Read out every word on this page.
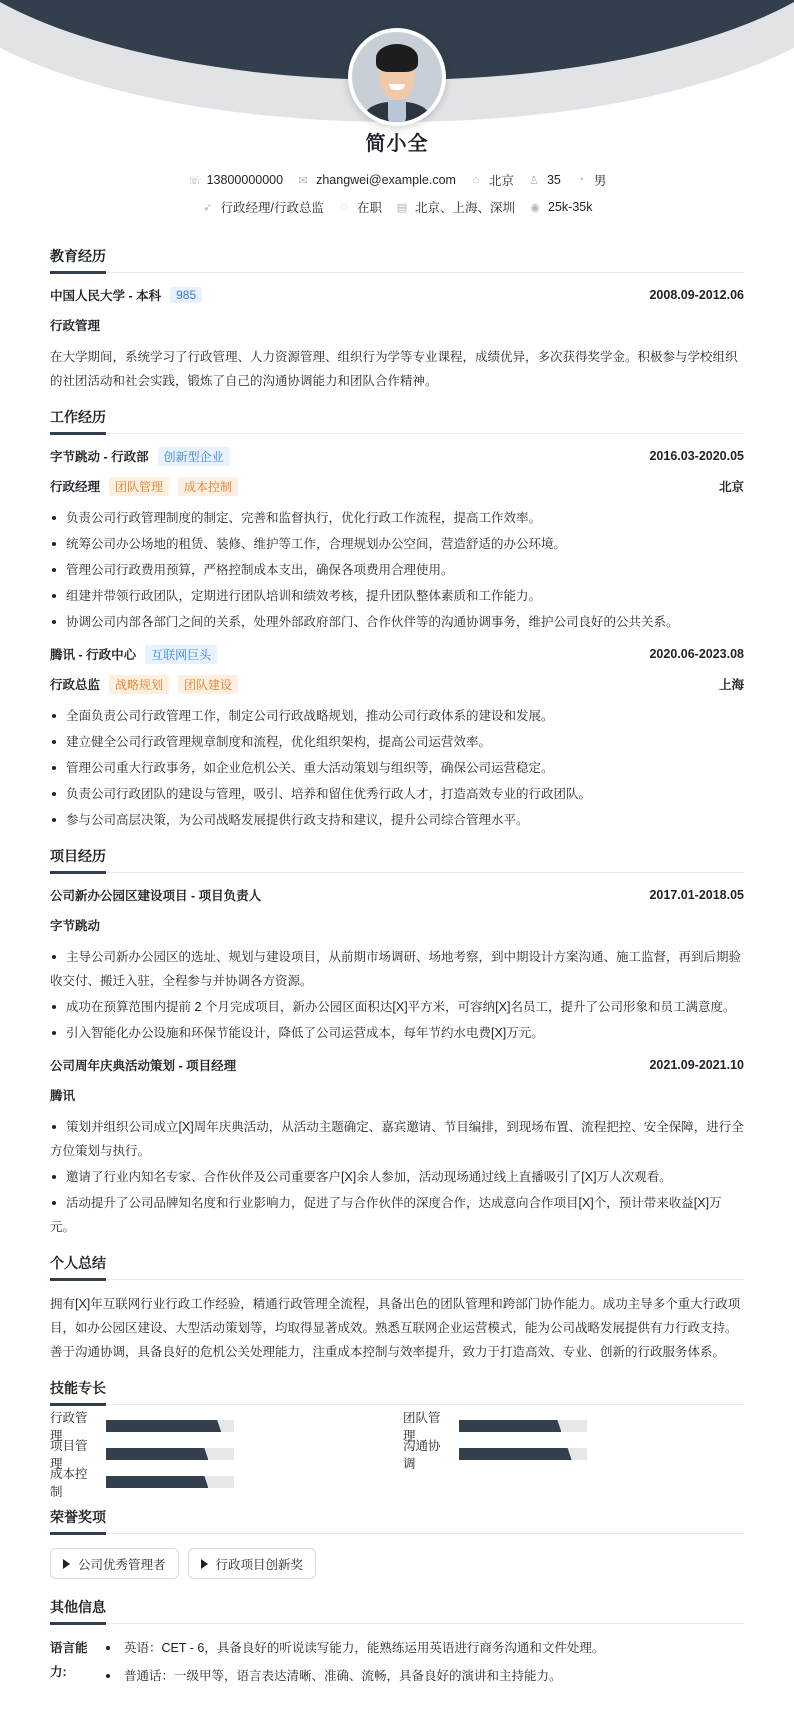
简小全
☏ 13800000000 ✉ zhangwei@example.com ⌂ 北京 ♙ 35 ◔ 男
➶ 行政经理/行政总监 ◌ 在职 ▤ 北京、上海、深圳 ◉ 25k-35k
教育经历
中国人民大学 - 本科	985	2008.09-2012.06
行政管理
在大学期间，系统学习了行政管理、人力资源管理、组织行为学等专业课程，成绩优异，多次获得奖学金。积极参与学校组织的社团活动和社会实践，锻炼了自己的沟通协调能力和团队合作精神。
工作经历
字节跳动 - 行政部	创新型企业	2016.03-2020.05
行政经理	团队管理	成本控制	北京
负责公司行政管理制度的制定、完善和监督执行，优化行政工作流程，提高工作效率。
统筹公司办公场地的租赁、装修、维护等工作，合理规划办公空间，营造舒适的办公环境。
管理公司行政费用预算，严格控制成本支出，确保各项费用合理使用。
组建并带领行政团队，定期进行团队培训和绩效考核，提升团队整体素质和工作能力。
协调公司内部各部门之间的关系，处理外部政府部门、合作伙伴等的沟通协调事务，维护公司良好的公共关系。
腾讯 - 行政中心	互联网巨头	2020.06-2023.08
行政总监	战略规划	团队建设	上海
全面负责公司行政管理工作，制定公司行政战略规划，推动公司行政体系的建设和发展。
建立健全公司行政管理规章制度和流程，优化组织架构，提高公司运营效率。
管理公司重大行政事务，如企业危机公关、重大活动策划与组织等，确保公司运营稳定。
负责公司行政团队的建设与管理，吸引、培养和留住优秀行政人才，打造高效专业的行政团队。
参与公司高层决策，为公司战略发展提供行政支持和建议，提升公司综合管理水平。
项目经历
公司新办公园区建设项目 - 项目负责人	2017.01-2018.05
字节跳动
主导公司新办公园区的选址、规划与建设项目，从前期市场调研、场地考察，到中期设计方案沟通、施工监督，再到后期验收交付、搬迁入驻，全程参与并协调各方资源。
成功在预算范围内提前 2 个月完成项目，新办公园区面积达[X]平方米，可容纳[X]名员工，提升了公司形象和员工满意度。
引入智能化办公设施和环保节能设计，降低了公司运营成本，每年节约水电费[X]万元。
公司周年庆典活动策划 - 项目经理	2021.09-2021.10
腾讯
策划并组织公司成立[X]周年庆典活动，从活动主题确定、嘉宾邀请、节目编排，到现场布置、流程把控、安全保障，进行全方位策划与执行。
邀请了行业内知名专家、合作伙伴及公司重要客户[X]余人参加，活动现场通过线上直播吸引了[X]万人次观看。
活动提升了公司品牌知名度和行业影响力，促进了与合作伙伴的深度合作，达成意向合作项目[X]个，预计带来收益[X]万元。
个人总结
拥有[X]年互联网行业行政工作经验，精通行政管理全流程，具备出色的团队管理和跨部门协作能力。成功主导多个重大行政项目，如办公园区建设、大型活动策划等，均取得显著成效。熟悉互联网企业运营模式，能为公司战略发展提供有力行政支持。善于沟通协调，具备良好的危机公关处理能力，注重成本控制与效率提升，致力于打造高效、专业、创新的行政服务体系。
技能专长
行政管理
团队管理
项目管理
沟通协调
成本控制
荣誉奖项
公司优秀管理者	行政项目创新奖
其他信息
语言能力:
英语：CET - 6，具备良好的听说读写能力，能熟练运用英语进行商务沟通和文件处理。
普通话：一级甲等，语言表达清晰、准确、流畅，具备良好的演讲和主持能力。
